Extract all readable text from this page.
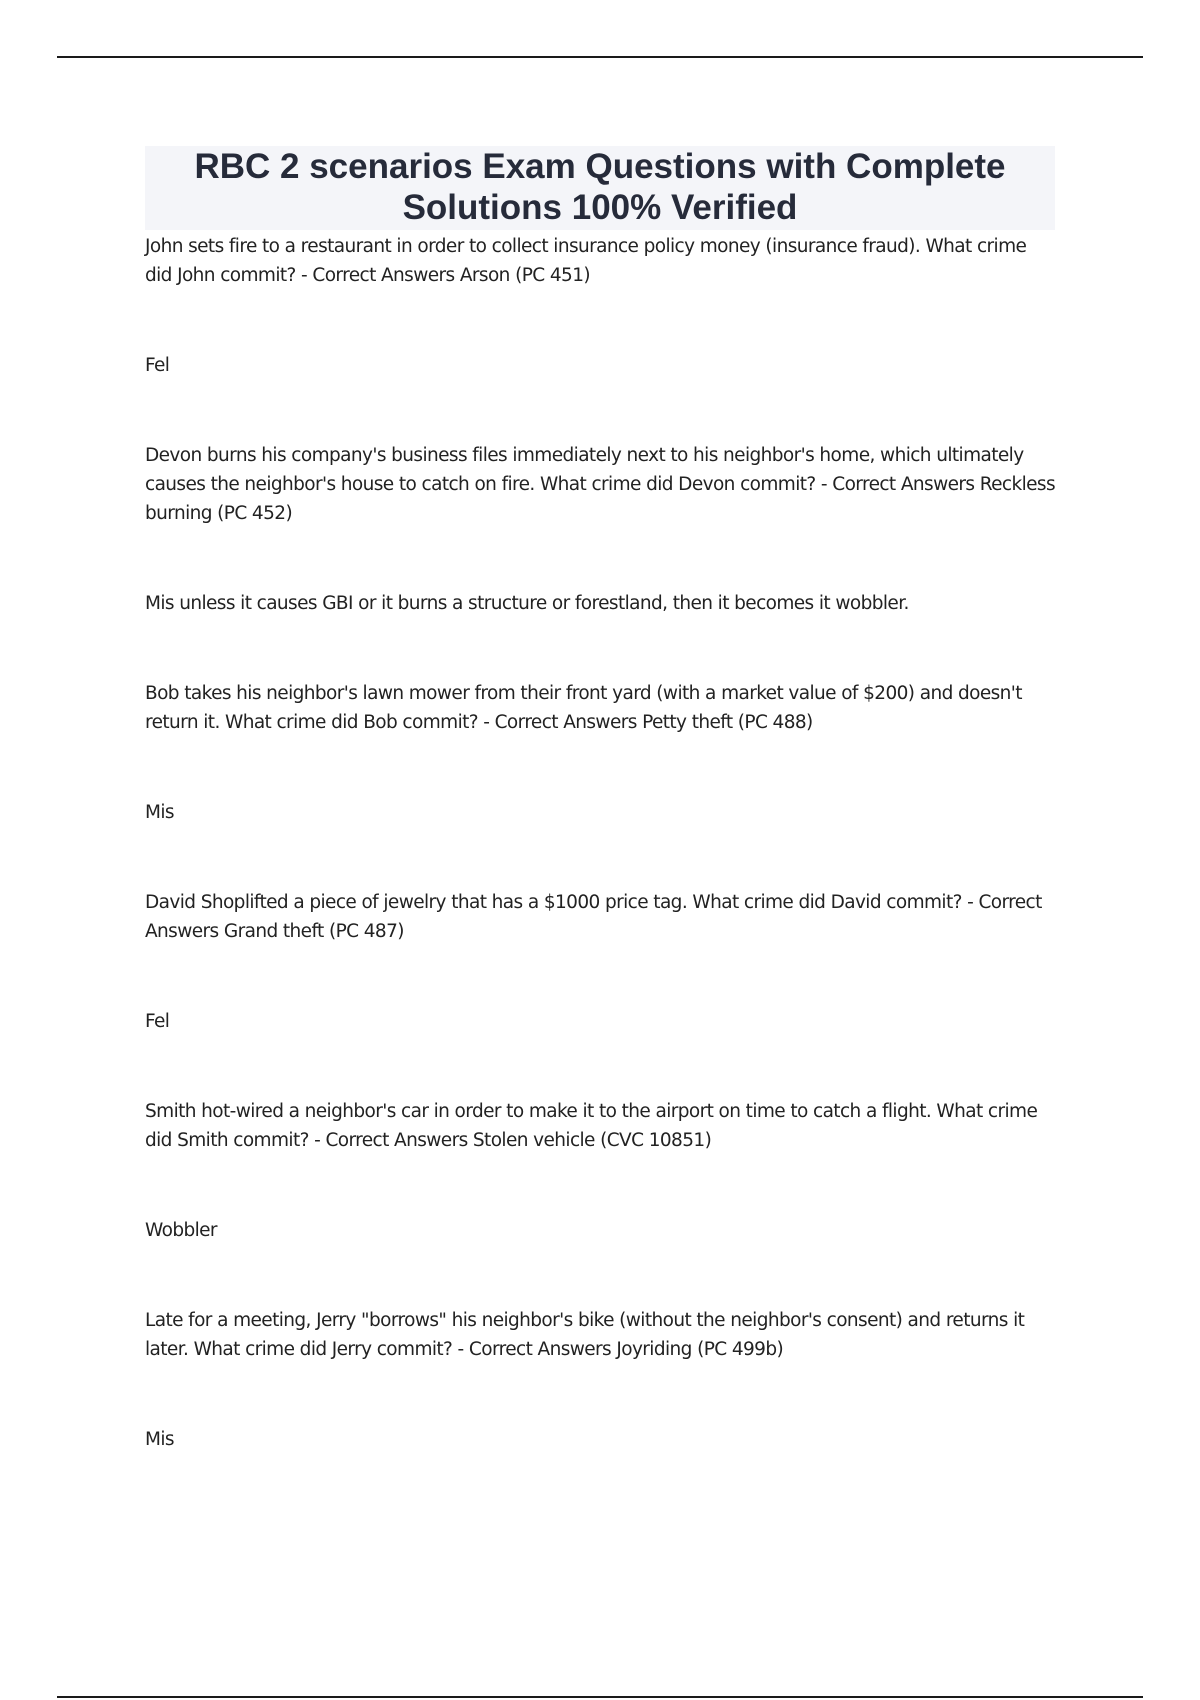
RBC 2 scenarios Exam Questions with Complete
Solutions 100% Verified

John sets fire to a restaurant in order to collect insurance policy money (insurance fraud). What crime did John commit? - Correct Answers Arson (PC 451)

Fel

Devon burns his company's business files immediately next to his neighbor's home, which ultimately causes the neighbor's house to catch on fire. What crime did Devon commit? - Correct Answers Reckless burning (PC 452)

Mis unless it causes GBI or it burns a structure or forestland, then it becomes it wobbler.

Bob takes his neighbor's lawn mower from their front yard (with a market value of $200) and doesn't return it. What crime did Bob commit? - Correct Answers Petty theft (PC 488)

Mis

David Shoplifted a piece of jewelry that has a $1000 price tag. What crime did David commit? - Correct Answers Grand theft (PC 487)

Fel

Smith hot-wired a neighbor's car in order to make it to the airport on time to catch a flight. What crime did Smith commit? - Correct Answers Stolen vehicle (CVC 10851)

Wobbler

Late for a meeting, Jerry "borrows" his neighbor's bike (without the neighbor's consent) and returns it later. What crime did Jerry commit? - Correct Answers Joyriding (PC 499b)

Mis
